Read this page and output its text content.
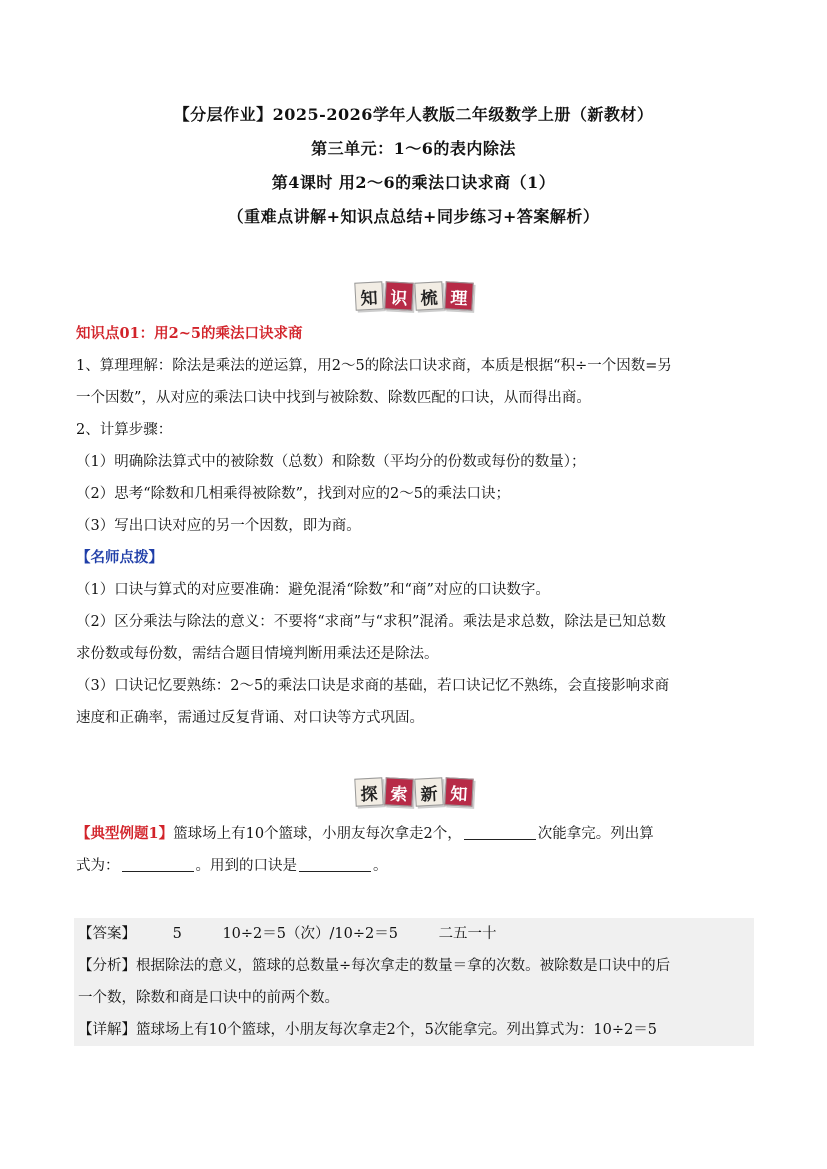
【分层作业】2025-2026学年人教版二年级数学上册（新教材）
第三单元：1～6的表内除法
第4课时 用2～6的乘法口诀求商（1）
（重难点讲解+知识点总结+同步练习+答案解析）
知 识 梳 理
知识点01：用2~5的乘法口诀求商
1、算理理解：除法是乘法的逆运算，用2～5的除法口诀求商，本质是根据“积÷一个因数=另
一个因数”，从对应的乘法口诀中找到与被除数、除数匹配的口诀，从而得出商。
2、计算步骤：
（1）明确除法算式中的被除数（总数）和除数（平均分的份数或每份的数量）；
（2）思考“除数和几相乘得被除数”，找到对应的2～5的乘法口诀；
（3）写出口诀对应的另一个因数，即为商。
【名师点拨】
（1）口诀与算式的对应要准确：避免混淆“除数”和“商”对应的口诀数字。
（2）区分乘法与除法的意义：不要将“求商”与“求积”混淆。乘法是求总数，除法是已知总数
求份数或每份数，需结合题目情境判断用乘法还是除法。
（3）口诀记忆要熟练：2～5的乘法口诀是求商的基础，若口诀记忆不熟练，会直接影响求商
速度和正确率，需通过反复背诵、对口诀等方式巩固。
探 索 新 知
【典型例题1】篮球场上有10个篮球，小朋友每次拿走2个，	次能拿完。列出算
式为：	。用到的口诀是	。
【答案】	5	10÷2＝5（次）/10÷2＝5	二五一十
【分析】根据除法的意义，篮球的总数量÷每次拿走的数量＝拿的次数。被除数是口诀中的后
一个数，除数和商是口诀中的前两个数。
【详解】篮球场上有10个篮球，小朋友每次拿走2个，5次能拿完。列出算式为：10÷2＝5
